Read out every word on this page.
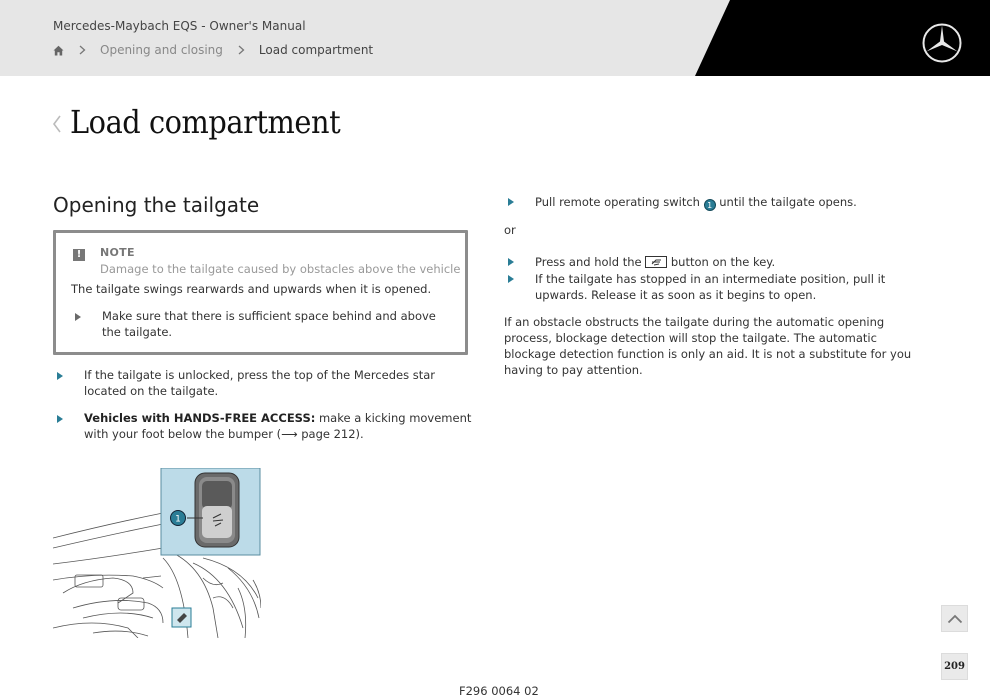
Mercedes-Maybach EQS - Owner's Manual
Opening and closing	Load compartment
Load compartment
Opening the tailgate
!	NOTE
Damage to the tailgate caused by obstacles above the vehicle
The tailgate swings rearwards and upwards when it is opened.
Make sure that there is sufficient space behind and above the tailgate.
If the tailgate is unlocked, press the top of the Mercedes star located on the tailgate.
Vehicles with HANDS-FREE ACCESS: make a kicking movement with your foot below the bumper (⟶ page 212).
1
F296 0064 02
Pull remote operating switch 1 until the tailgate opens.
or
Press and hold the
button on the key.
If the tailgate has stopped in an intermediate position, pull it upwards. Release it as soon as it begins to open.
If an obstacle obstructs the tailgate during the automatic opening process, blockage detection will stop the tailgate. The automatic blockage detection function is only an aid. It is not a substitute for you having to pay attention.
209
